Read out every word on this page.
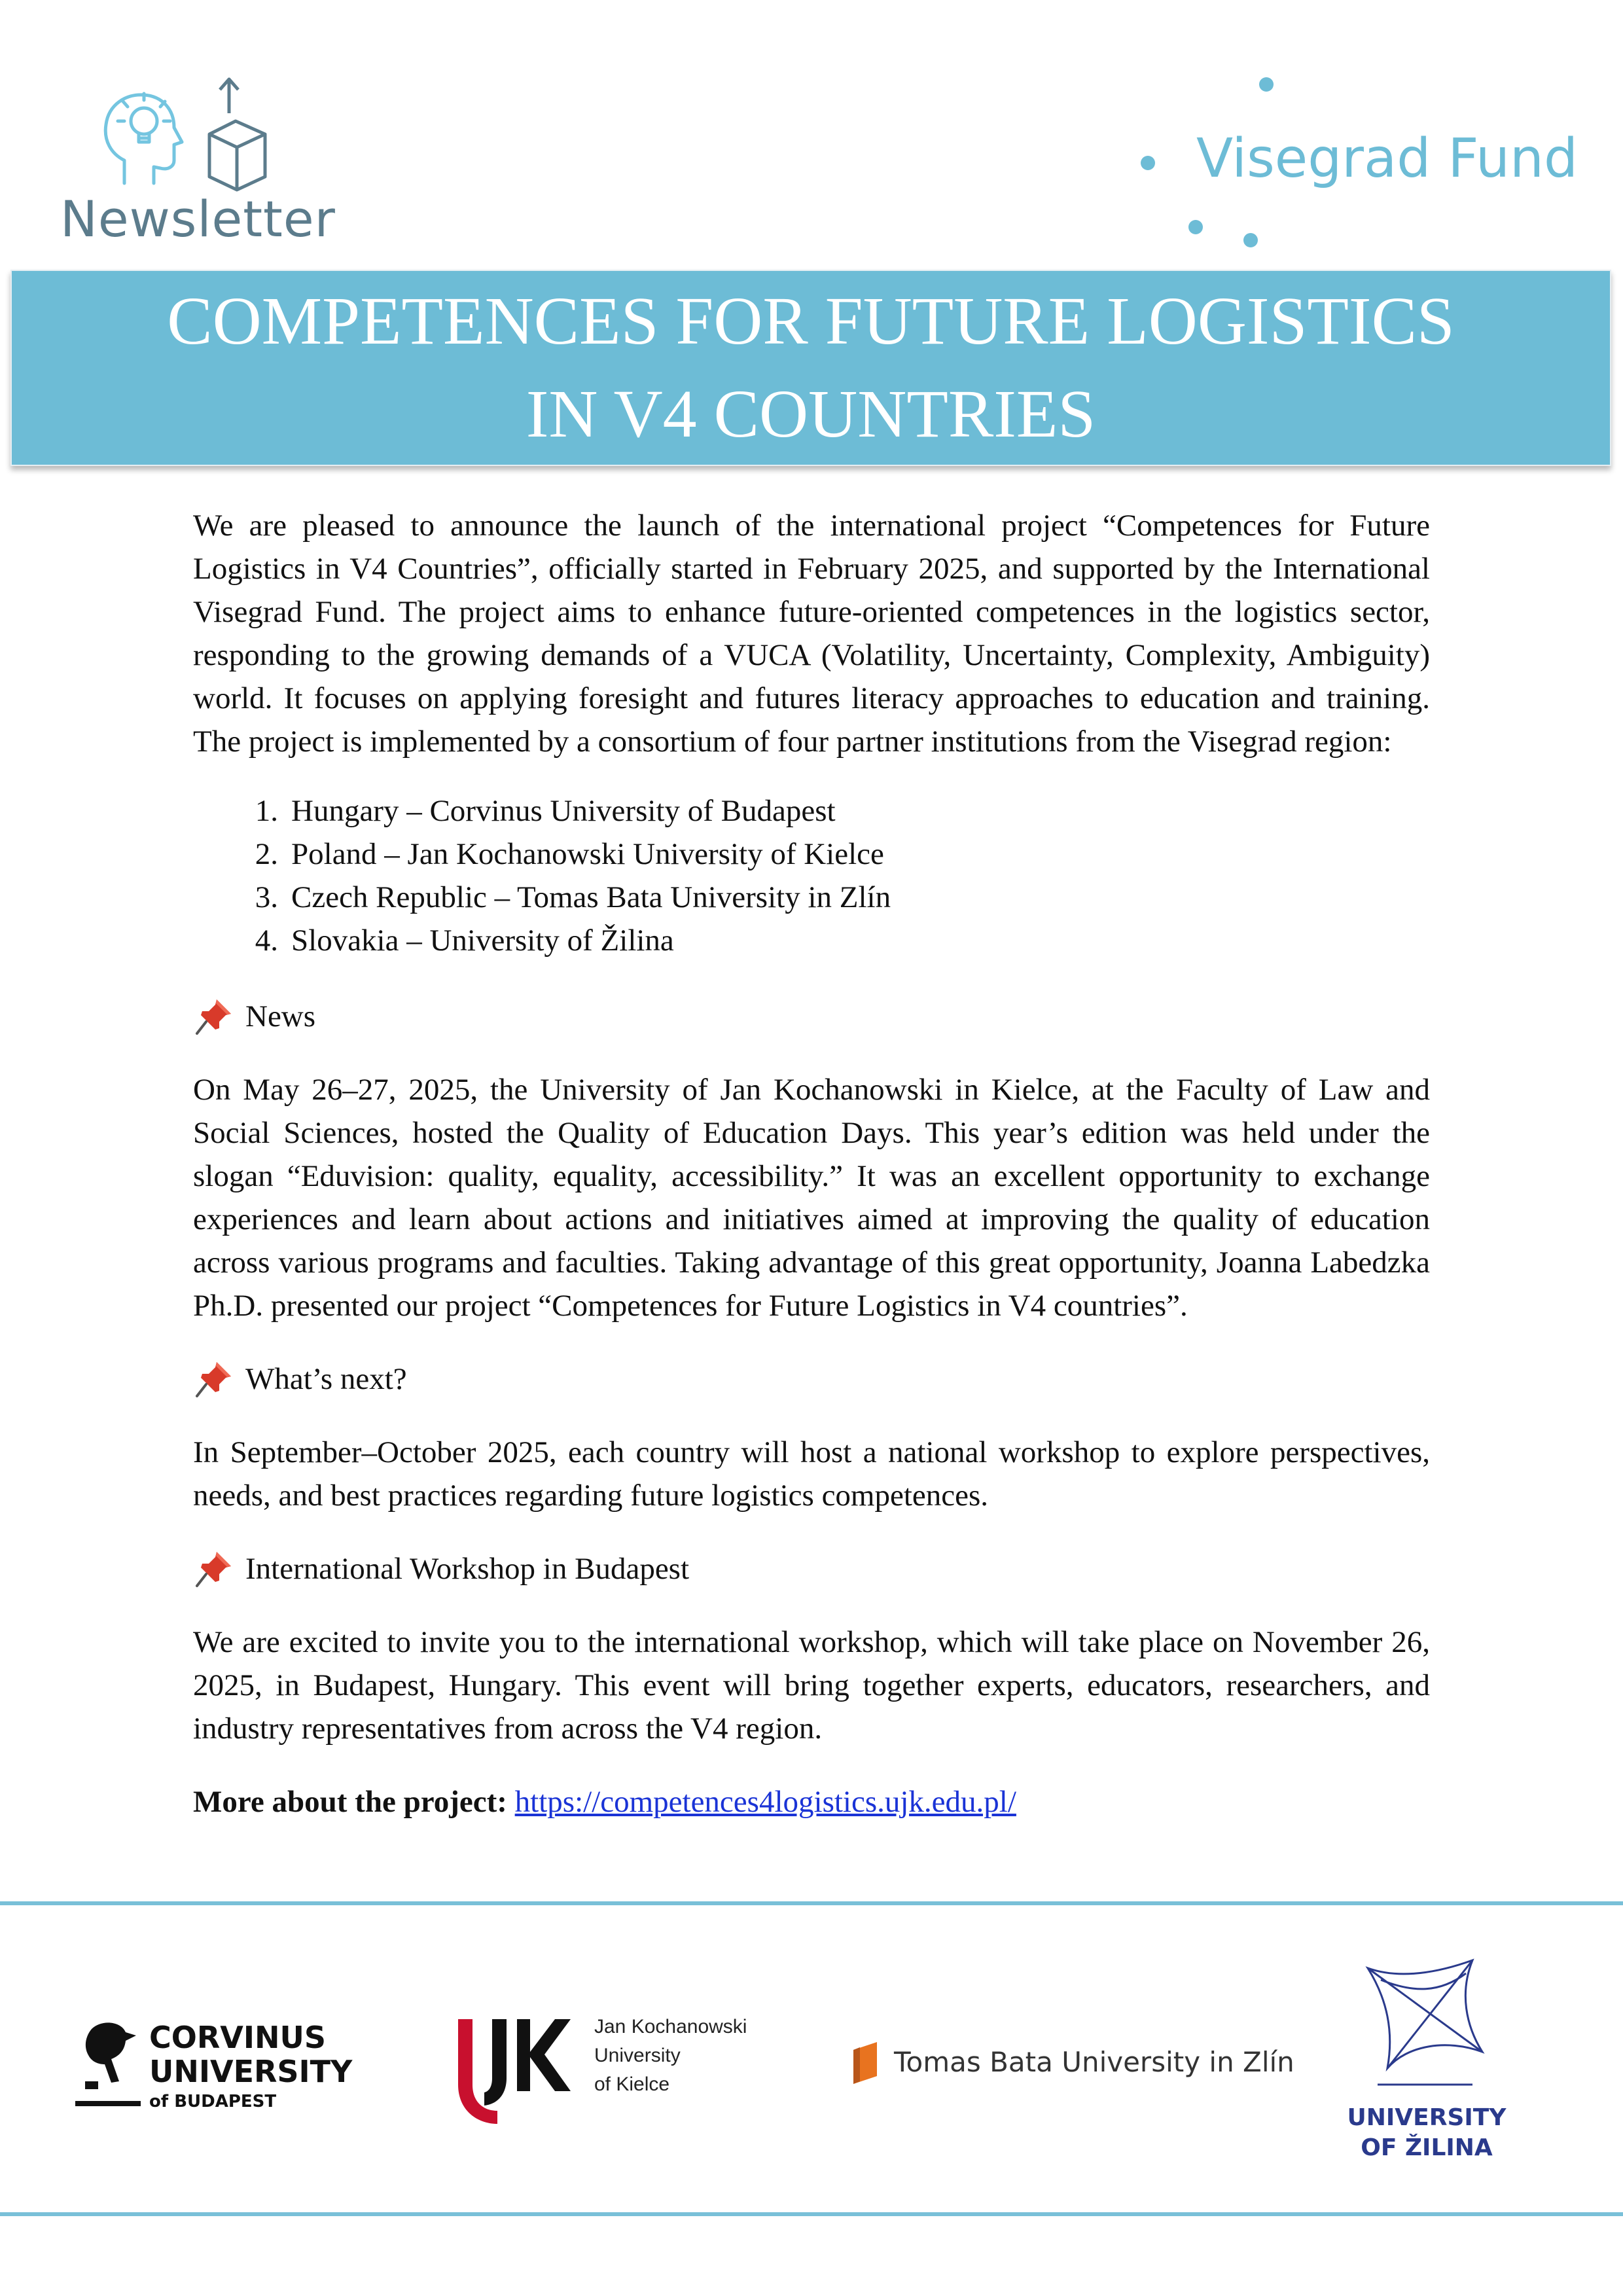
Newsletter
Visegrad Fund
COMPETENCES FOR FUTURE LOGISTICS
IN V4 COUNTRIES

We are pleased to announce the launch of the international project “Competences for Future Logistics in V4 Countries”, officially started in February 2025, and supported by the International Visegrad Fund. The project aims to enhance future-oriented competences in the logistics sector, responding to the growing demands of a VUCA (Volatility, Uncertainty, Complexity, Ambiguity) world. It focuses on applying foresight and futures literacy approaches to education and training. The project is implemented by a consortium of four partner institutions from the Visegrad region:

1. Hungary – Corvinus University of Budapest
2. Poland – Jan Kochanowski University of Kielce
3. Czech Republic – Tomas Bata University in Zlín
4. Slovakia – University of Žilina
News

On May 26–27, 2025, the University of Jan Kochanowski in Kielce, at the Faculty of Law and Social Sciences, hosted the Quality of Education Days. This year’s edition was held under the slogan “Eduvision: quality, equality, accessibility.” It was an excellent opportunity to exchange experiences and learn about actions and initiatives aimed at improving the quality of education across various programs and faculties. Taking advantage of this great opportunity, Joanna Labedzka Ph.D. presented our project “Competences for Future Logistics in V4 countries”.

What’s next?

In September–October 2025, each country will host a national workshop to explore perspectives, needs, and best practices regarding future logistics competences.

International Workshop in Budapest

We are excited to invite you to the international workshop, which will take place on November 26, 2025, in Budapest, Hungary. This event will bring together experts, educators, researchers, and industry representatives from across the V4 region.

More about the project: https://competences4logistics.ujk.edu.pl/

CORVINUS
UNIVERSITY
of BUDAPEST
Jan Kochanowski
University
of Kielce
Tomas Bata University in Zlín
UNIVERSITY
OF ŽILINA
